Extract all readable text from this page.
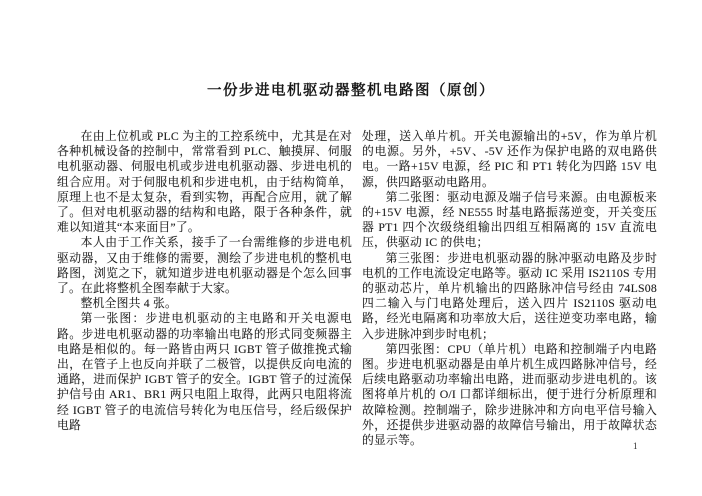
一份步进电机驱动器整机电路图（原创）

在由上位机或 PLC 为主的工控系统中，尤其是在对各种机械设备的控制中，常常看到 PLC、触摸屏、伺服电机驱动器、伺服电机或步进电机驱动器、步进电机的组合应用。对于伺服电机和步进电机，由于结构简单，原理上也不是太复杂，看到实物，再配合应用，就了解了。但对电机驱动器的结构和电路，限于各种条件，就难以知道其“本来面目”了。

本人由于工作关系，接手了一台需维修的步进电机驱动器，又由于维修的需要，测绘了步进电机的整机电路图，浏览之下，就知道步进电机驱动器是个怎么回事了。在此将整机全图奉献于大家。

整机全图共 4 张。

第一张图：步进电机驱动的主电路和开关电源电路。步进电机驱动器的功率输出电路的形式同变频器主电路是相似的。每一路皆由两只 IGBT 管子做推挽式输出，在管子上也反向并联了二极管，以提供反向电流的通路，进而保护 IGBT 管子的安全。IGBT 管子的过流保护信号由 AR1、BR1 两只电阻上取得，此两只电阻将流经 IGBT 管子的电流信号转化为电压信号，经后级保护电路

处理，送入单片机。开关电源输出的+5V，作为单片机的电源。另外，+5V、-5V 还作为保护电路的双电路供电。一路+15V 电源，经 PIC 和 PT1 转化为四路 15V 电源，供四路驱动电路用。

第二张图：驱动电源及端子信号来源。由电源板来的+15V 电源，经 NE555 时基电路振荡逆变，开关变压器 PT1 四个次级绕组输出四组互相隔离的 15V 直流电压，供驱动 IC 的供电；

第三张图：步进电机驱动器的脉冲驱动电路及步时电机的工作电流设定电路等。驱动 IC 采用 IS2110S 专用的驱动芯片，单片机输出的四路脉冲信号经由 74LS08 四二输入与门电路处理后，送入四片 IS2110S 驱动电路，经光电隔离和功率放大后，送往逆变功率电路，输入步进脉冲到步时电机；

第四张图：CPU（单片机）电路和控制端子内电路图。步进电机驱动器是由单片机生成四路脉冲信号，经后续电路驱动功率输出电路，进而驱动步进电机的。该图将单片机的 O/I 口都详细标出，便于进行分析原理和故障检测。控制端子，除步进脉冲和方向电平信号输入外，还提供步进驱动器的故障信号输出，用于故障状态的显示等。	1
